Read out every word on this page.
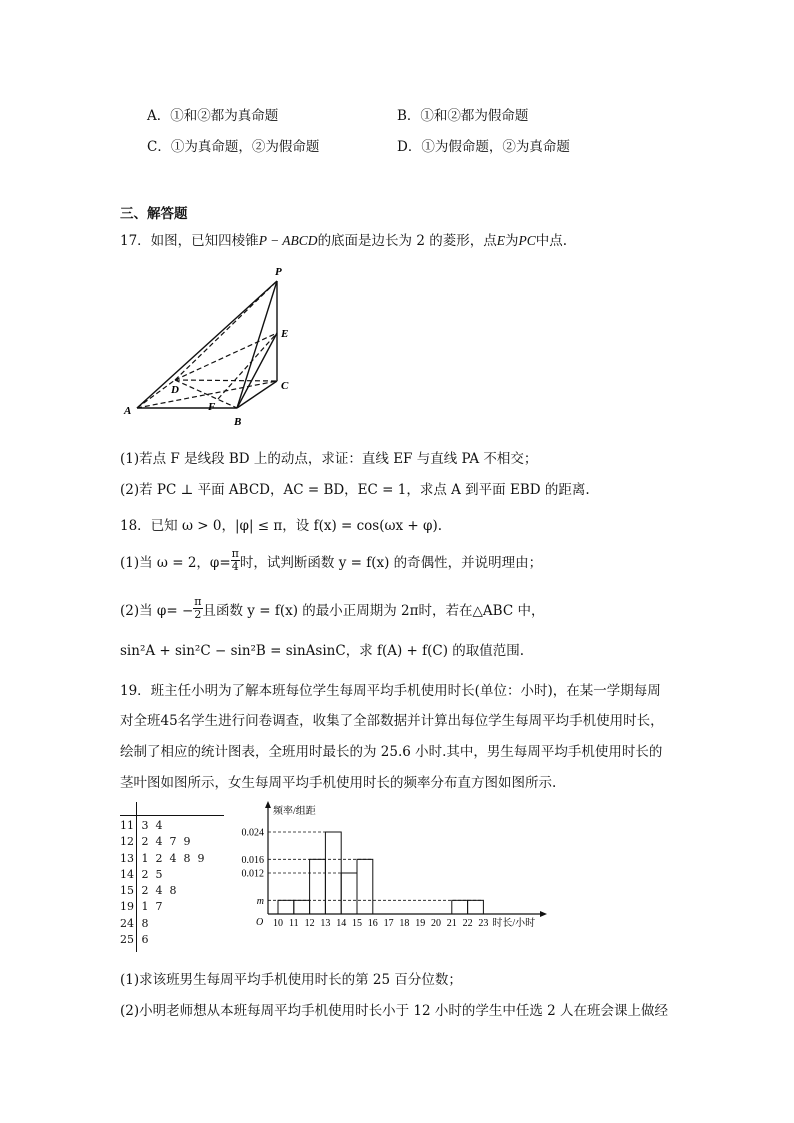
A．①和②都为真命题	B．①和②都为假命题
C．①为真命题，②为假命题	D．①为假命题，②为真命题
三、解答题
17．如图，已知四棱锥P − ABCD的底面是边长为 2 的菱形，点E为PC中点.
P
E
D	C
A	F
B
(1)若点 F 是线段 BD 上的动点，求证：直线 EF 与直线 PA 不相交；
(2)若 PC ⊥ 平面 ABCD，AC = BD，EC = 1，求点 A 到平面 EBD 的距离.
18．已知 ω > 0，|φ| ≤ π，设 f(x) = cos(ωx + φ).
(1)当 ω = 2，$\varphi= \frac{\pi}{4}$ 时，试判断函数 y = f(x) 的奇偶性，并说明理由；
(2)当 $\varphi= - \frac{\pi}{2}$ 且函数 y = f(x) 的最小正周期为 2π时，若在△ABC 中，
sin²A + sin²C − sin²B = sinAsinC，求 f(A) + f(C) 的取值范围.
19．班主任小明为了解本班每位学生每周平均手机使用时长(单位：小时)，在某一学期每周
对全班45名学生进行问卷调查，收集了全部数据并计算出每位学生每周平均手机使用时长，
绘制了相应的统计图表，全班用时最长的为 25.6 小时.其中，男生每周平均手机使用时长的
茎叶图如图所示，女生每周平均手机使用时长的频率分布直方图如图所示.
11 3  4
12 2  4  7  9
13 1  2  4  8  9
14 2  5
15 2  4  8
19 1  7
24 8
25 6
频率/组距
O
m
0.012
0.016
0.024
10 11 12 13 14 15 16 17 18 19 20 21 22 23 时长/小时
(1)求该班男生每周平均手机使用时长的第 25 百分位数；
(2)小明老师想从本班每周平均手机使用时长小于 12 小时的学生中任选 2 人在班会课上做经
